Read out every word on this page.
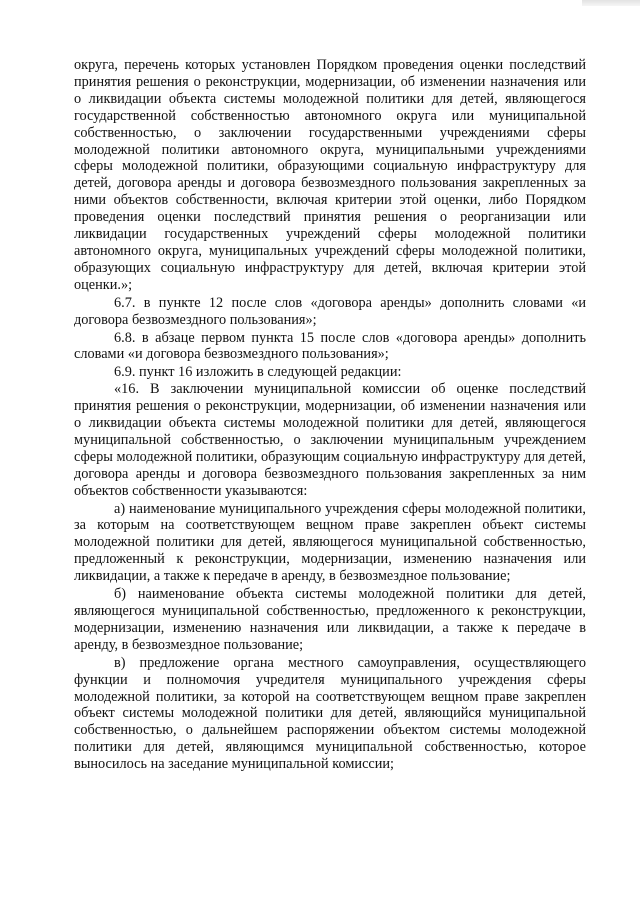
округа, перечень которых установлен Порядком проведения оценки последствий принятия решения о реконструкции, модернизации, об изменении назначения или о ликвидации объекта системы молодежной политики для детей, являющегося государственной собственностью автономного округа или муниципальной собственностью, о заключении государственными учреждениями сферы молодежной политики автономного округа, муниципальными учреждениями сферы молодежной политики, образующими социальную инфраструктуру для детей, договора аренды и договора безвозмездного пользования закрепленных за ними объектов собственности, включая критерии этой оценки, либо Порядком проведения оценки последствий принятия решения о реорганизации или ликвидации государственных учреждений сферы молодежной политики автономного округа, муниципальных учреждений сферы молодежной политики, образующих социальную инфраструктуру для детей, включая критерии этой оценки.»;

6.7. в пункте 12 после слов «договора аренды» дополнить словами «и договора безвозмездного пользования»;

6.8. в абзаце первом пункта 15 после слов «договора аренды» дополнить словами «и договора безвозмездного пользования»;

6.9. пункт 16 изложить в следующей редакции:

«16. В заключении муниципальной комиссии об оценке последствий принятия решения о реконструкции, модернизации, об изменении назначения или о ликвидации объекта системы молодежной политики для детей, являющегося муниципальной собственностью, о заключении муниципальным учреждением сферы молодежной политики, образующим социальную инфраструктуру для детей, договора аренды и договора безвозмездного пользования закрепленных за ним объектов собственности указываются:

а) наименование муниципального учреждения сферы молодежной политики, за которым на соответствующем вещном праве закреплен объект системы молодежной политики для детей, являющегося муниципальной собственностью, предложенный к реконструкции, модернизации, изменению назначения или ликвидации, а также к передаче в аренду, в безвозмездное пользование;

б) наименование объекта системы молодежной политики для детей, являющегося муниципальной собственностью, предложенного к реконструкции, модернизации, изменению назначения или ликвидации, а также к передаче в аренду, в безвозмездное пользование;

в) предложение органа местного самоуправления, осуществляющего функции и полномочия учредителя муниципального учреждения сферы молодежной политики, за которой на соответствующем вещном праве закреплен объект системы молодежной политики для детей, являющийся муниципальной собственностью, о дальнейшем распоряжении объектом системы молодежной политики для детей, являющимся муниципальной собственностью, которое выносилось на заседание муниципальной комиссии;
